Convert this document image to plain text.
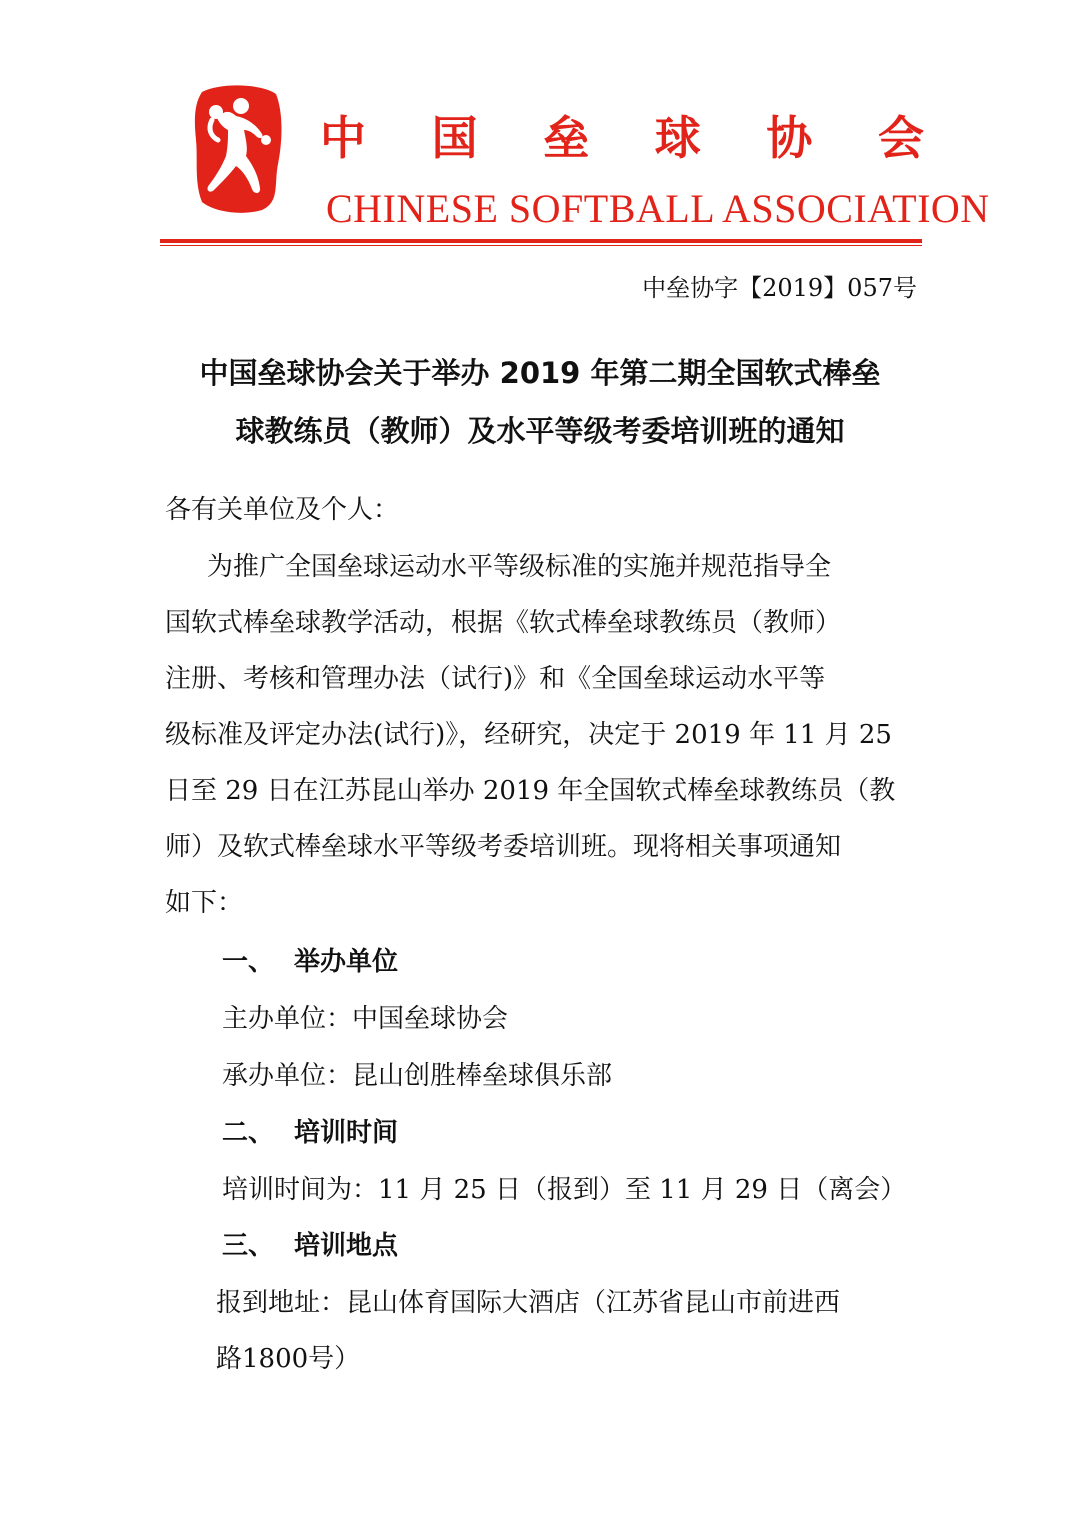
中 国 垒 球 协 会
CHINESE SOFTBALL ASSOCIATION
中垒协字【2019】057号
中国垒球协会关于举办 2019 年第二期全国软式棒垒
球教练员（教师）及水平等级考委培训班的通知
各有关单位及个人：
为推广全国垒球运动水平等级标准的实施并规范指导全
国软式棒垒球教学活动，根据《软式棒垒球教练员（教师）
注册、考核和管理办法（试行)》和《全国垒球运动水平等
级标准及评定办法(试行)》，经研究，决定于 2019 年 11 月 25
日至 29 日在江苏昆山举办 2019 年全国软式棒垒球教练员（教
师）及软式棒垒球水平等级考委培训班。现将相关事项通知
如下：
一、 举办单位
主办单位：中国垒球协会
承办单位：昆山创胜棒垒球俱乐部
二、 培训时间
培训时间为：11 月 25 日（报到）至 11 月 29 日（离会）
三、 培训地点
报到地址：昆山体育国际大酒店（江苏省昆山市前进西
路1800号）
